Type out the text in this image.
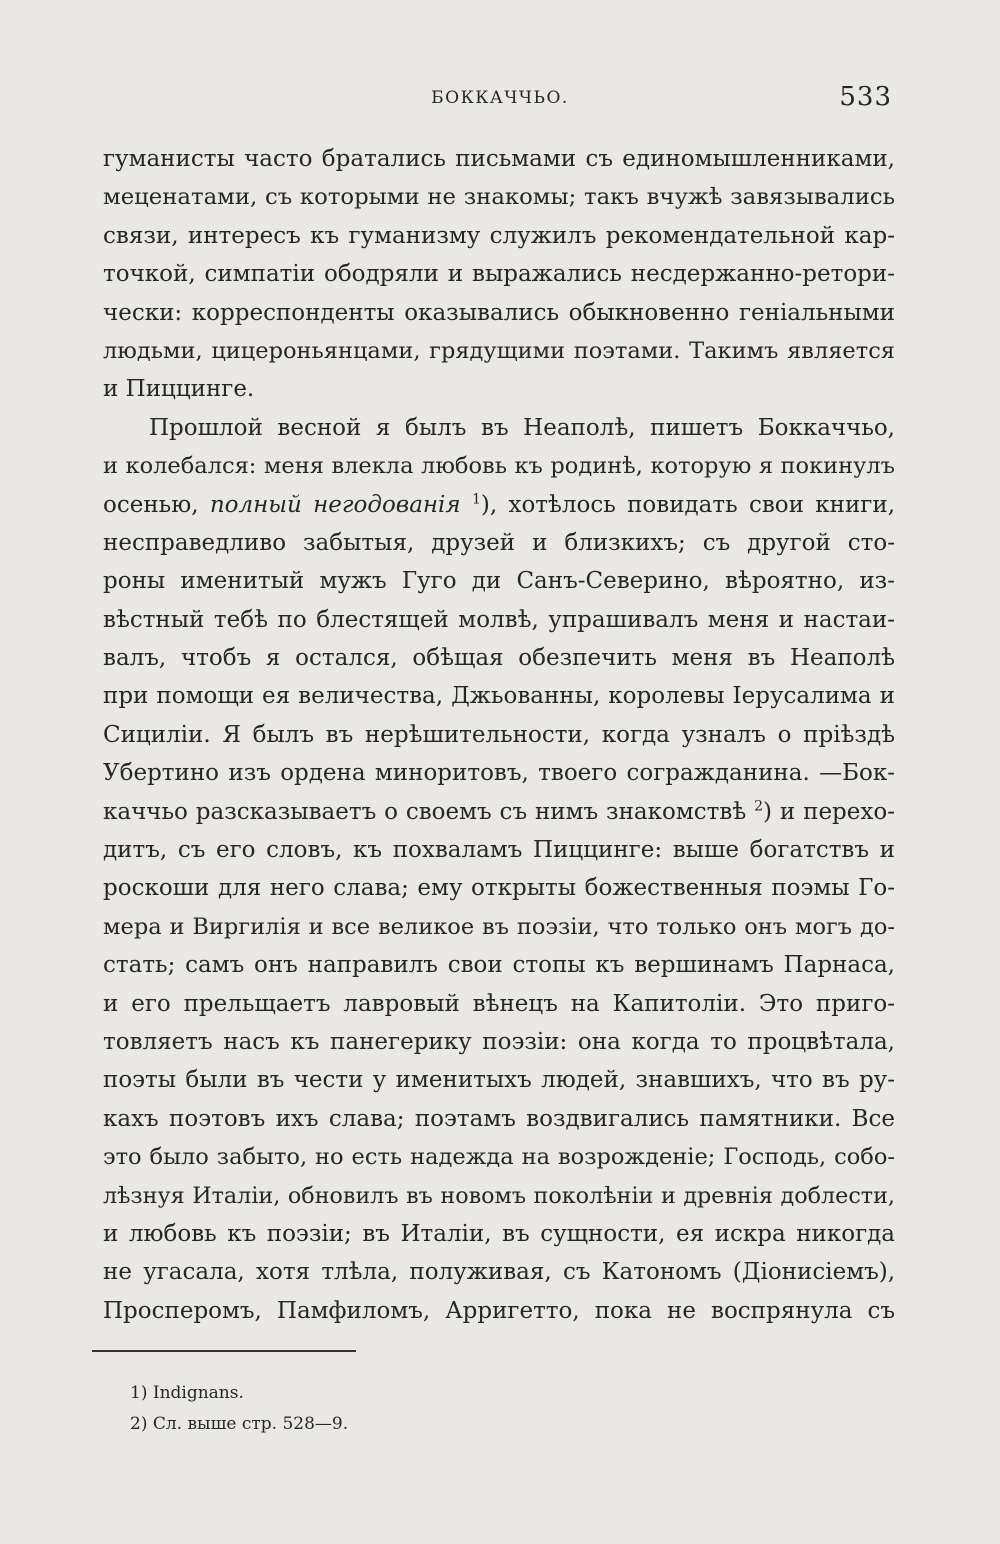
БОККАЧЧЬО.	533
гуманисты часто братались письмами съ единомышленниками,
меценатами, съ которыми не знакомы; такъ вчужѣ завязывались
связи, интересъ къ гуманизму служилъ рекомендательной кар-
точкой, симпатіи ободряли и выражались несдержанно-ретори-
чески: корреспонденты оказывались обыкновенно геніальными
людьми, цицероньянцами, грядущими поэтами. Такимъ является
и Пиццинге.
Прошлой весной я былъ въ Неаполѣ, пишетъ Боккаччьо,
и колебался: меня влекла любовь къ родинѣ, которую я покинулъ
осенью, полный негодованія $^1$), хотѣлось повидать свои книги,
несправедливо забытыя, друзей и близкихъ; съ другой сто-
роны именитый мужъ Гуго ди Санъ-Северино, вѣроятно, из-
вѣстный тебѣ по блестящей молвѣ, упрашивалъ меня и настаи-
валъ, чтобъ я остался, обѣщая обезпечить меня въ Неаполѣ
при помощи ея величества, Джьованны, королевы Іерусалима и
Сициліи. Я былъ въ нерѣшительности, когда узналъ о пріѣздѣ
Убертино изъ ордена миноритовъ, твоего согражданина. —Бок-
каччьо разсказываетъ о своемъ съ нимъ знакомствѣ $^2$) и перехо-
дитъ, съ его словъ, къ похваламъ Пиццинге: выше богатствъ и
роскоши для него слава; ему открыты божественныя поэмы Го-
мера и Виргилія и все великое въ поэзіи, что только онъ могъ до-
стать; самъ онъ направилъ свои стопы къ вершинамъ Парнаса,
и его прельщаетъ лавровый вѣнецъ на Капитоліи. Это приго-
товляетъ насъ къ панегерику поэзіи: она когда то процвѣтала,
поэты были въ чести у именитыхъ людей, знавшихъ, что въ ру-
кахъ поэтовъ ихъ слава; поэтамъ воздвигались памятники. Все
это было забыто, но есть надежда на возрожденіе; Господь, собо-
лѣзнуя Италіи, обновилъ въ новомъ поколѣніи и древнія доблести,
и любовь къ поэзіи; въ Италіи, въ сущности, ея искра никогда
не угасала, хотя тлѣла, полуживая, съ Катономъ (Діонисіемъ),
Просперомъ, Памфиломъ, Арригетто, пока не воспрянула съ
1) Indignans.
2) Сл. выше стр. 528—9.
